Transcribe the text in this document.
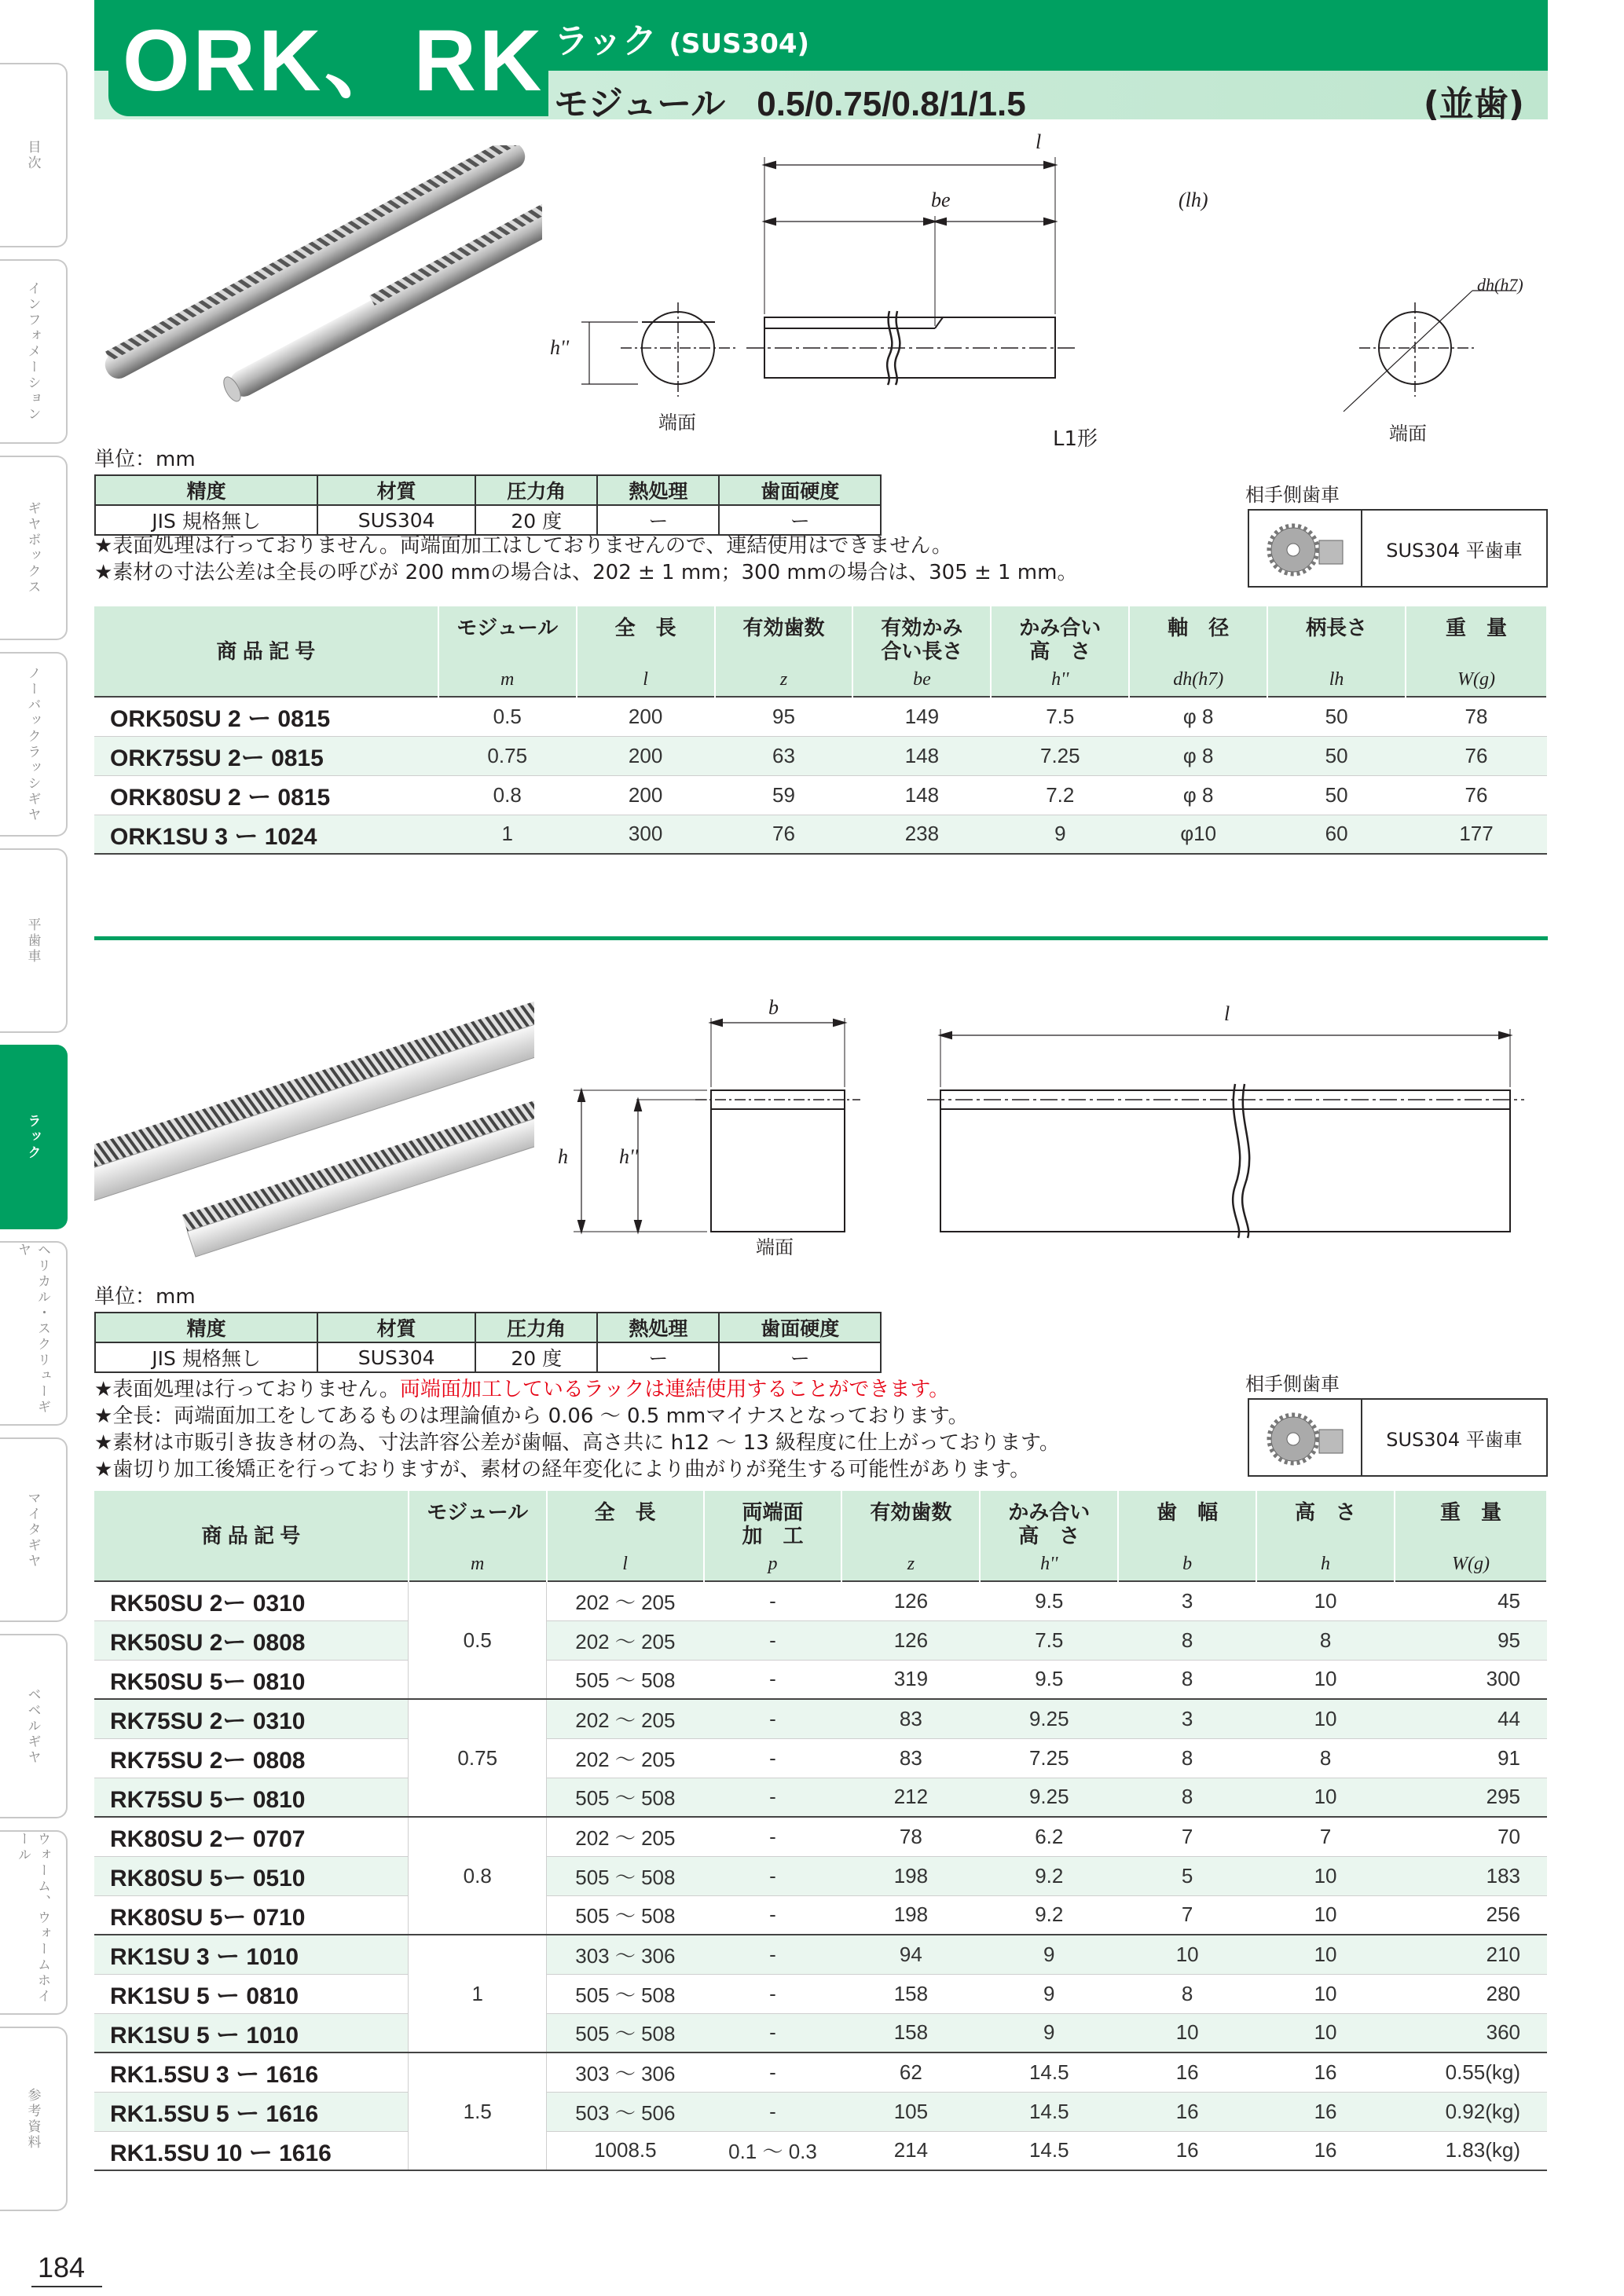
目次
インフォメーション
ギヤボックス
ノーバックラッシギヤ
平歯車
ラック
ヘリカル・スクリューギヤ
マイタギヤ
ベベルギヤ
ウォーム、ウォームホイール
参考資料
ORK、RK ラック (SUS304)
モジュール 0.5/0.75/0.8/1/1.5	(並歯)
l
be	(lh)
dh(h7)
h''
端面	端面
L1形
単位：mm
精度	材質	圧力角	熱処理	歯面硬度
JIS 規格無し	SUS304	20 度	ー	ー
★表面処理は行っておりません。両端面加工はしておりませんので、連結使用はできません。
★素材の寸法公差は全長の呼びが 200 mmの場合は、202 ± 1 mm；300 mmの場合は、305 ± 1 mm。
相手側歯車
SUS304 平歯車
商 品 記 号	モジュール	全　長	有効歯数	有効かみ
合い長さ	かみ合い
高　さ	軸　径	柄長さ	重　量
	m	l	z	be	h''	dh(h7)	lh	W(g)
ORK50SU 2 ー 0815	0.5	200	95	149	7.5	φ 8	50	78
ORK75SU 2ー 0815	0.75	200	63	148	7.25	φ 8	50	76
ORK80SU 2 ー 0815	0.8	200	59	148	7.2	φ 8	50	76
ORK1SU 3 ー 1024	1	300	76	238	9	φ10	60	177
b	l
h	h''
端面
単位：mm
精度	材質	圧力角	熱処理	歯面硬度
JIS 規格無し	SUS304	20 度	ー	ー
★表面処理は行っておりません。両端面加工しているラックは連結使用することができます。
★全長：両端面加工をしてあるものは理論値から 0.06 ～ 0.5 mmマイナスとなっております。
★素材は市販引き抜き材の為、寸法許容公差が歯幅、高さ共に h12 ～ 13 級程度に仕上がっております。
★歯切り加工後矯正を行っておりますが、素材の経年変化により曲がりが発生する可能性があります。
相手側歯車
SUS304 平歯車
商 品 記 号	モジュール	全　長	両端面
加　工	有効歯数	かみ合い
高　さ	歯　幅	高　さ	重　量
	m	l	p	z	h''	b	h	W(g)
RK50SU 2ー 0310	0.5	202 ～ 205	-	126	9.5	3	10	45
RK50SU 2ー 0808		202 ～ 205	-	126	7.5	8	8	95
RK50SU 5ー 0810		505 ～ 508	-	319	9.5	8	10	300
RK75SU 2ー 0310	0.75	202 ～ 205	-	83	9.25	3	10	44
RK75SU 2ー 0808		202 ～ 205	-	83	7.25	8	8	91
RK75SU 5ー 0810		505 ～ 508	-	212	9.25	8	10	295
RK80SU 2ー 0707	0.8	202 ～ 205	-	78	6.2	7	7	70
RK80SU 5ー 0510		505 ～ 508	-	198	9.2	5	10	183
RK80SU 5ー 0710		505 ～ 508	-	198	9.2	7	10	256
RK1SU 3 ー 1010	1	303 ～ 306	-	94	9	10	10	210
RK1SU 5 ー 0810		505 ～ 508	-	158	9	8	10	280
RK1SU 5 ー 1010		505 ～ 508	-	158	9	10	10	360
RK1.5SU 3 ー 1616	1.5	303 ～ 306	-	62	14.5	16	16	0.55(kg)
RK1.5SU 5 ー 1616		503 ～ 506	-	105	14.5	16	16	0.92(kg)
RK1.5SU 10 ー 1616		1008.5	0.1 ～ 0.3	214	14.5	16	16	1.83(kg)
184
